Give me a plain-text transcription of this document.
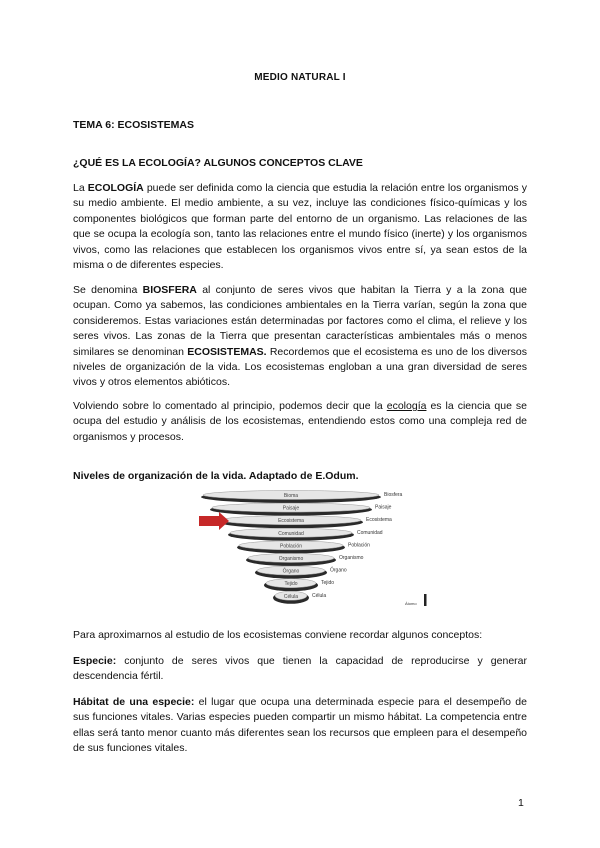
MEDIO NATURAL I
TEMA 6: ECOSISTEMAS
¿QUÉ ES LA ECOLOGÍA? ALGUNOS CONCEPTOS CLAVE

La ECOLOGÍA puede ser definida como la ciencia que estudia la relación entre los organismos y su medio ambiente. El medio ambiente, a su vez, incluye las condiciones físico-químicas y los componentes biológicos que forman parte del entorno de un organismo. Las relaciones de las que se ocupa la ecología son, tanto las relaciones entre el mundo físico (inerte) y los organismos vivos, como las relaciones que establecen los organismos vivos entre sí, ya sean estos de la misma o de diferentes especies.

Se denomina BIOSFERA al conjunto de seres vivos que habitan la Tierra y a la zona que ocupan. Como ya sabemos, las condiciones ambientales en la Tierra varían, según la zona que consideremos. Estas variaciones están determinadas por factores como el clima, el relieve y los seres vivos. Las zonas de la Tierra que presentan características ambientales más o menos similares se denominan ECOSISTEMAS. Recordemos que el ecosistema es uno de los diversos niveles de organización de la vida. Los ecosistemas engloban a una gran diversidad de seres vivos y otros elementos abióticos.

Volviendo sobre lo comentado al principio, podemos decir que la ecología es la ciencia que se ocupa del estudio y análisis de los ecosistemas, entendiendo estos como una compleja red de organismos y procesos.

Niveles de organización de la vida. Adaptado de E.Odum.
Bioma
Paisaje
Ecosistema
Comunidad
Población
Organismo
Órgano
Tejido
Célula
Biosfera
Paisaje
Ecosistema
Comunidad
Población
Organismo
Órgano
Tejido
Célula
Átomo

Para aproximarnos al estudio de los ecosistemas conviene recordar algunos conceptos:

Especie: conjunto de seres vivos que tienen la capacidad de reproducirse y generar descendencia fértil.

Hábitat de una especie: el lugar que ocupa una determinada especie para el desempeño de sus funciones vitales. Varias especies pueden compartir un mismo hábitat. La competencia entre ellas será tanto menor cuanto más diferentes sean los recursos que empleen para el desempeño de sus funciones vitales.

1
